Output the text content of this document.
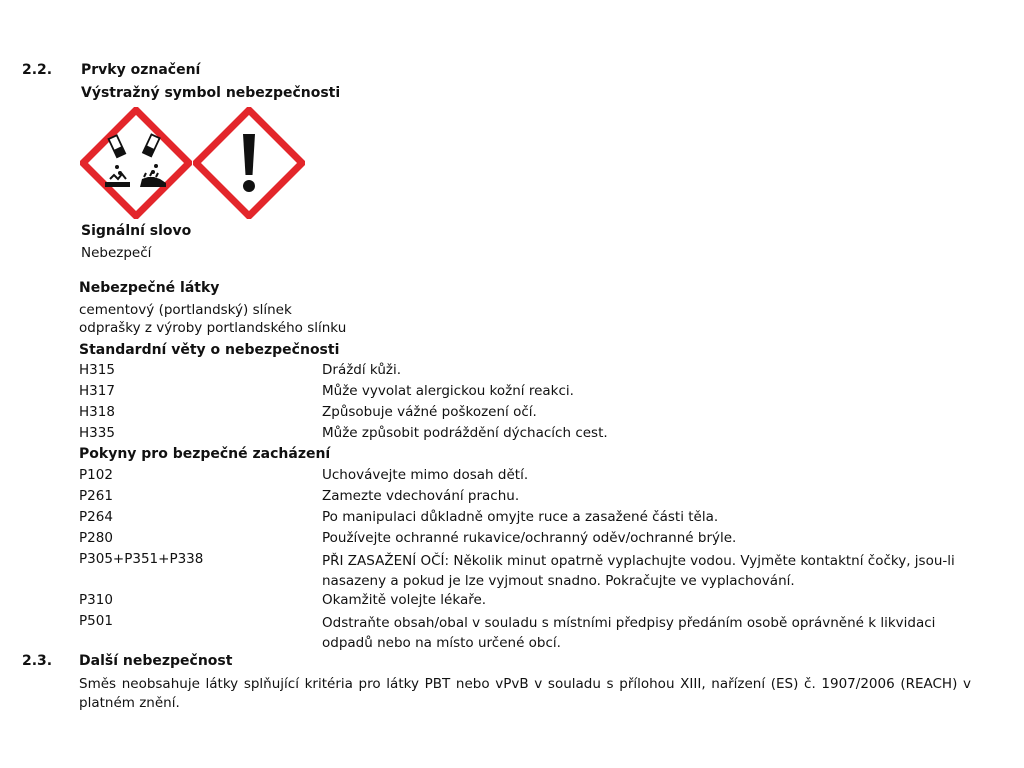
2.2. Prvky označení
Výstražný symbol nebezpečnosti
Signální slovo
Nebezpečí
Nebezpečné látky
cementový (portlandský) slínek
odprašky z výroby portlandského slínku
Standardní věty o nebezpečnosti
H315	Dráždí kůži.
H317	Může vyvolat alergickou kožní reakci.
H318	Způsobuje vážné poškození očí.
H335	Může způsobit podráždění dýchacích cest.
Pokyny pro bezpečné zacházení
P102	Uchovávejte mimo dosah dětí.
P261	Zamezte vdechování prachu.
P264	Po manipulaci důkladně omyjte ruce a zasažené části těla.
P280	Používejte ochranné rukavice/ochranný oděv/ochranné brýle.
P305+P351+P338	PŘI ZASAŽENÍ OČÍ: Několik minut opatrně vyplachujte vodou. Vyjměte kontaktní čočky, jsou-li nasazeny a pokud je lze vyjmout snadno. Pokračujte ve vyplachování.
P310	Okamžitě volejte lékaře.
P501	Odstraňte obsah/obal v souladu s místními předpisy předáním osobě oprávněné k likvidaci odpadů nebo na místo určené obcí.
2.3. Další nebezpečnost
Směs neobsahuje látky splňující kritéria pro látky PBT nebo vPvB v souladu s přílohou XIII, nařízení (ES) č. 1907/2006 (REACH) v platném znění.
